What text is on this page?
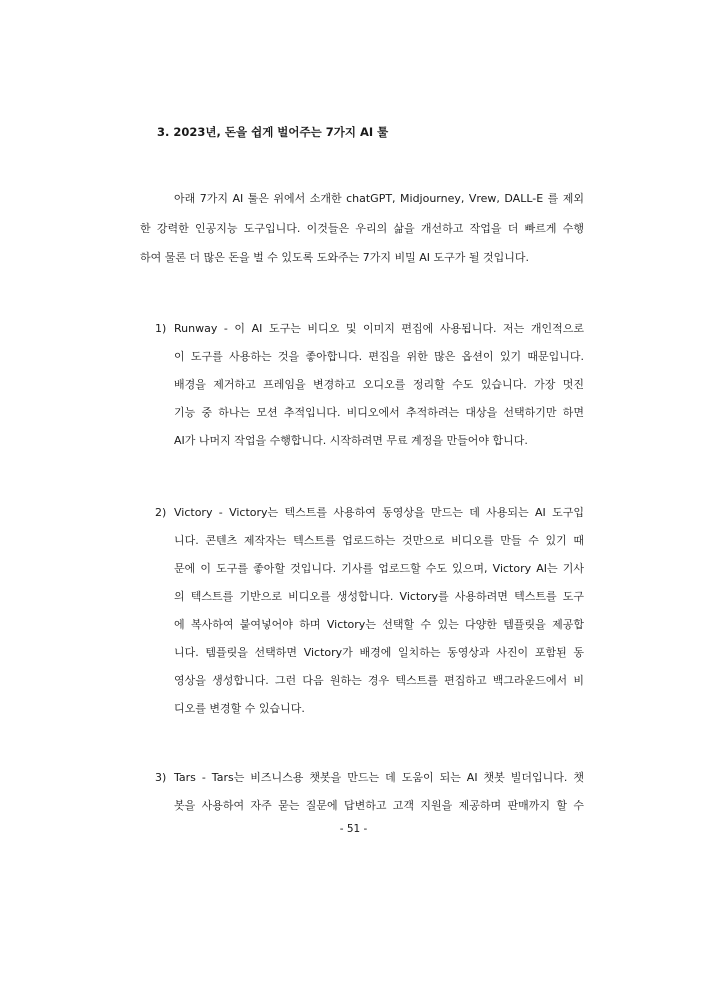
3. 2023년, 돈을 쉽게 벌어주는 7가지 AI 툴
아래 7가지 AI 툴은 위에서 소개한 chatGPT, Midjourney, Vrew, DALL-E 를 제외
한 강력한 인공지능 도구입니다. 이것들은 우리의 삶을 개선하고 작업을 더 빠르게 수행
하여 물론 더 많은 돈을 벌 수 있도록 도와주는 7가지 비밀 AI 도구가 될 것입니다.
1) Runway - 이 AI 도구는 비디오 및 이미지 편집에 사용됩니다. 저는 개인적으로
이 도구를 사용하는 것을 좋아합니다. 편집을 위한 많은 옵션이 있기 때문입니다.
배경을 제거하고 프레임을 변경하고 오디오를 정리할 수도 있습니다. 가장 멋진
기능 중 하나는 모션 추적입니다. 비디오에서 추적하려는 대상을 선택하기만 하면
AI가 나머지 작업을 수행합니다. 시작하려면 무료 계정을 만들어야 합니다.
2) Victory - Victory는 텍스트를 사용하여 동영상을 만드는 데 사용되는 AI 도구입
니다. 콘텐츠 제작자는 텍스트를 업로드하는 것만으로 비디오를 만들 수 있기 때
문에 이 도구를 좋아할 것입니다. 기사를 업로드할 수도 있으며, Victory AI는 기사
의 텍스트를 기반으로 비디오를 생성합니다. Victory를 사용하려면 텍스트를 도구
에 복사하여 붙여넣어야 하며 Victory는 선택할 수 있는 다양한 템플릿을 제공합
니다. 템플릿을 선택하면 Victory가 배경에 일치하는 동영상과 사진이 포함된 동
영상을 생성합니다. 그런 다음 원하는 경우 텍스트를 편집하고 백그라운드에서 비
디오를 변경할 수 있습니다.
3) Tars - Tars는 비즈니스용 챗봇을 만드는 데 도움이 되는 AI 챗봇 빌더입니다. 챗
봇을 사용하여 자주 묻는 질문에 답변하고 고객 지원을 제공하며 판매까지 할 수
- 51 -
